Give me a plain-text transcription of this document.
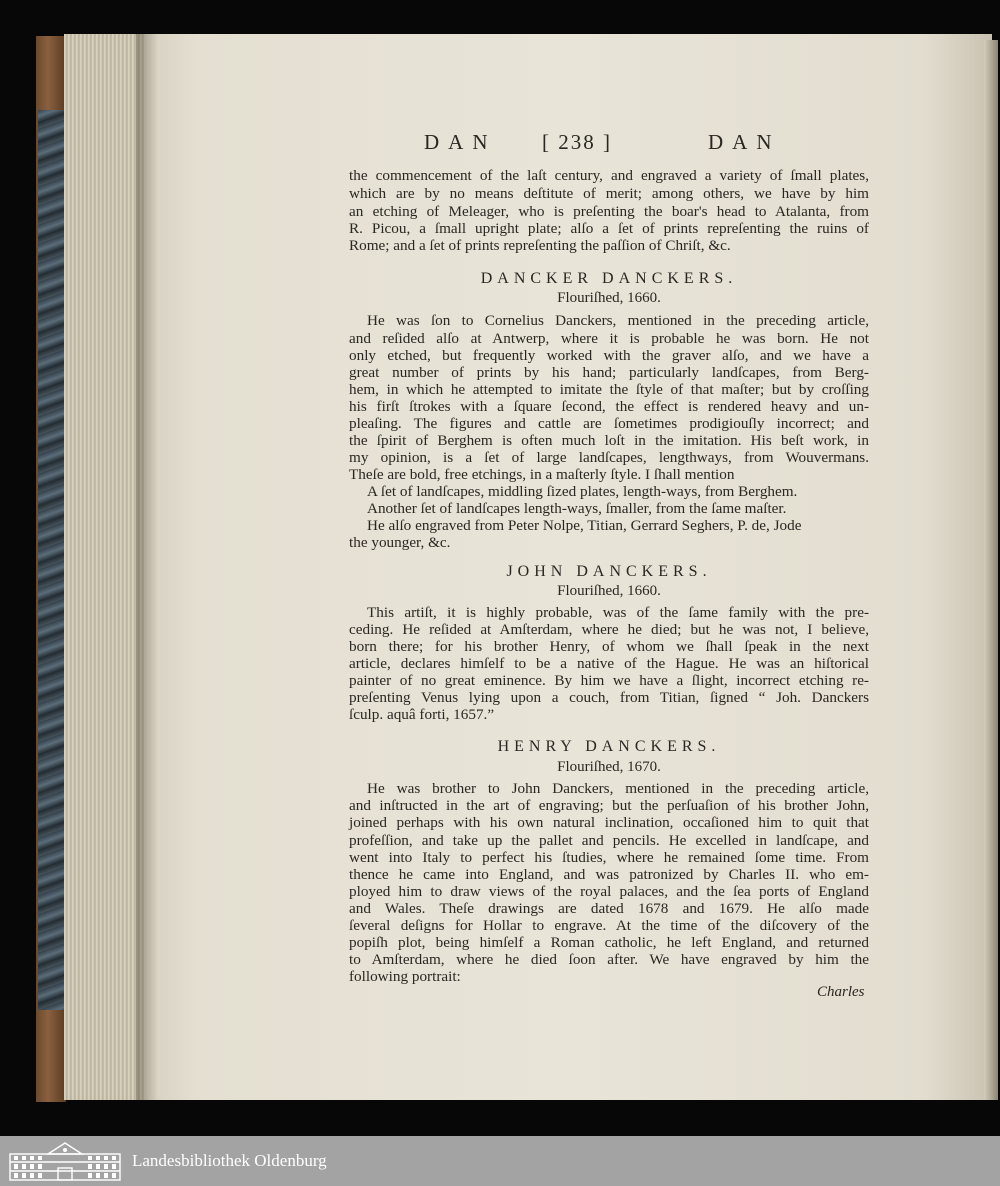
DAN [ 238 ]	DAN
the commencement of the laſt century, and engraved a variety of ſmall plates,
which are by no means deſtitute of merit; among others, we have by him
an etching of Meleager, who is preſenting the boar's head to Atalanta, from
R. Picou, a ſmall upright plate; alſo a ſet of prints repreſenting the ruins of
Rome; and a ſet of prints repreſenting the paſſion of Chriſt, &c.
DANCKER DANCKERS.
Flouriſhed, 1660.
He was ſon to Cornelius Danckers, mentioned in the preceding article,
and reſided alſo at Antwerp, where it is probable he was born. He not
only etched, but frequently worked with the graver alſo, and we have a
great number of prints by his hand; particularly landſcapes, from Berg-
hem, in which he attempted to imitate the ſtyle of that maſter; but by croſſing
his firſt ſtrokes with a ſquare ſecond, the effect is rendered heavy and un-
pleaſing. The figures and cattle are ſometimes prodigiouſly incorrect; and
the ſpirit of Berghem is often much loſt in the imitation. His beſt work, in
my opinion, is a ſet of large landſcapes, lengthways, from Wouvermans.
Theſe are bold, free etchings, in a maſterly ſtyle. I ſhall mention
A ſet of landſcapes, middling ſized plates, length-ways, from Berghem.
Another ſet of landſcapes length-ways, ſmaller, from the ſame maſter.
He alſo engraved from Peter Nolpe, Titian, Gerrard Seghers, P. de, Jode
the younger, &c.
JOHN DANCKERS.
Flouriſhed, 1660.
This artiſt, it is highly probable, was of the ſame family with the pre-
ceding. He reſided at Amſterdam, where he died; but he was not, I believe,
born there; for his brother Henry, of whom we ſhall ſpeak in the next
article, declares himſelf to be a native of the Hague. He was an hiſtorical
painter of no great eminence. By him we have a ſlight, incorrect etching re-
preſenting Venus lying upon a couch, from Titian, ſigned “ Joh. Danckers
ſculp. aquâ forti, 1657.”
HENRY DANCKERS.
Flouriſhed, 1670.
He was brother to John Danckers, mentioned in the preceding article,
and inſtructed in the art of engraving; but the perſuaſion of his brother John,
joined perhaps with his own natural inclination, occaſioned him to quit that
profeſſion, and take up the pallet and pencils. He excelled in landſcape, and
went into Italy to perfect his ſtudies, where he remained ſome time. From
thence he came into England, and was patronized by Charles II. who em-
ployed him to draw views of the royal palaces, and the ſea ports of England
and Wales. Theſe drawings are dated 1678 and 1679. He alſo made
ſeveral deſigns for Hollar to engrave. At the time of the diſcovery of the
popiſh plot, being himſelf a Roman catholic, he left England, and returned
to Amſterdam, where he died ſoon after. We have engraved by him the
following portrait:
Charles
Landesbibliothek Oldenburg
